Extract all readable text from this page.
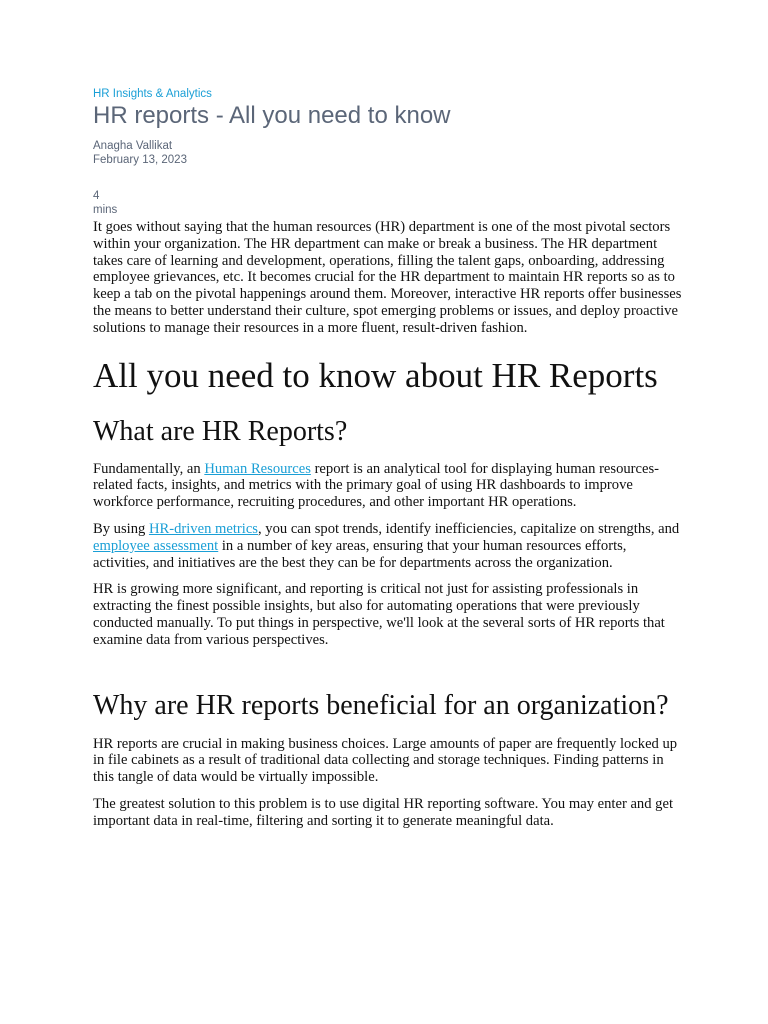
HR Insights & Analytics

HR reports - All you need to know

Anagha Vallikat

February 13, 2023

4

mins

It goes without saying that the human resources (HR) department is one of the most pivotal sectors within your organization. The HR department can make or break a business. The HR department takes care of learning and development, operations, filling the talent gaps, onboarding, addressing employee grievances, etc. It becomes crucial for the HR department to maintain HR reports so as to keep a tab on the pivotal happenings around them. Moreover, interactive HR reports offer businesses the means to better understand their culture, spot emerging problems or issues, and deploy proactive solutions to manage their resources in a more fluent, result-driven fashion.

All you need to know about HR Reports
What are HR Reports?

Fundamentally, an Human Resources report is an analytical tool for displaying human resources-related facts, insights, and metrics with the primary goal of using HR dashboards to improve workforce performance, recruiting procedures, and other important HR operations.

By using HR-driven metrics, you can spot trends, identify inefficiencies, capitalize on strengths, and employee assessment in a number of key areas, ensuring that your human resources efforts, activities, and initiatives are the best they can be for departments across the organization.

HR is growing more significant, and reporting is critical not just for assisting professionals in extracting the finest possible insights, but also for automating operations that were previously conducted manually. To put things in perspective, we'll look at the several sorts of HR reports that examine data from various perspectives.

Why are HR reports beneficial for an organization?

HR reports are crucial in making business choices. Large amounts of paper are frequently locked up in file cabinets as a result of traditional data collecting and storage techniques. Finding patterns in this tangle of data would be virtually impossible.

The greatest solution to this problem is to use digital HR reporting software. You may enter and get important data in real-time, filtering and sorting it to generate meaningful data.
